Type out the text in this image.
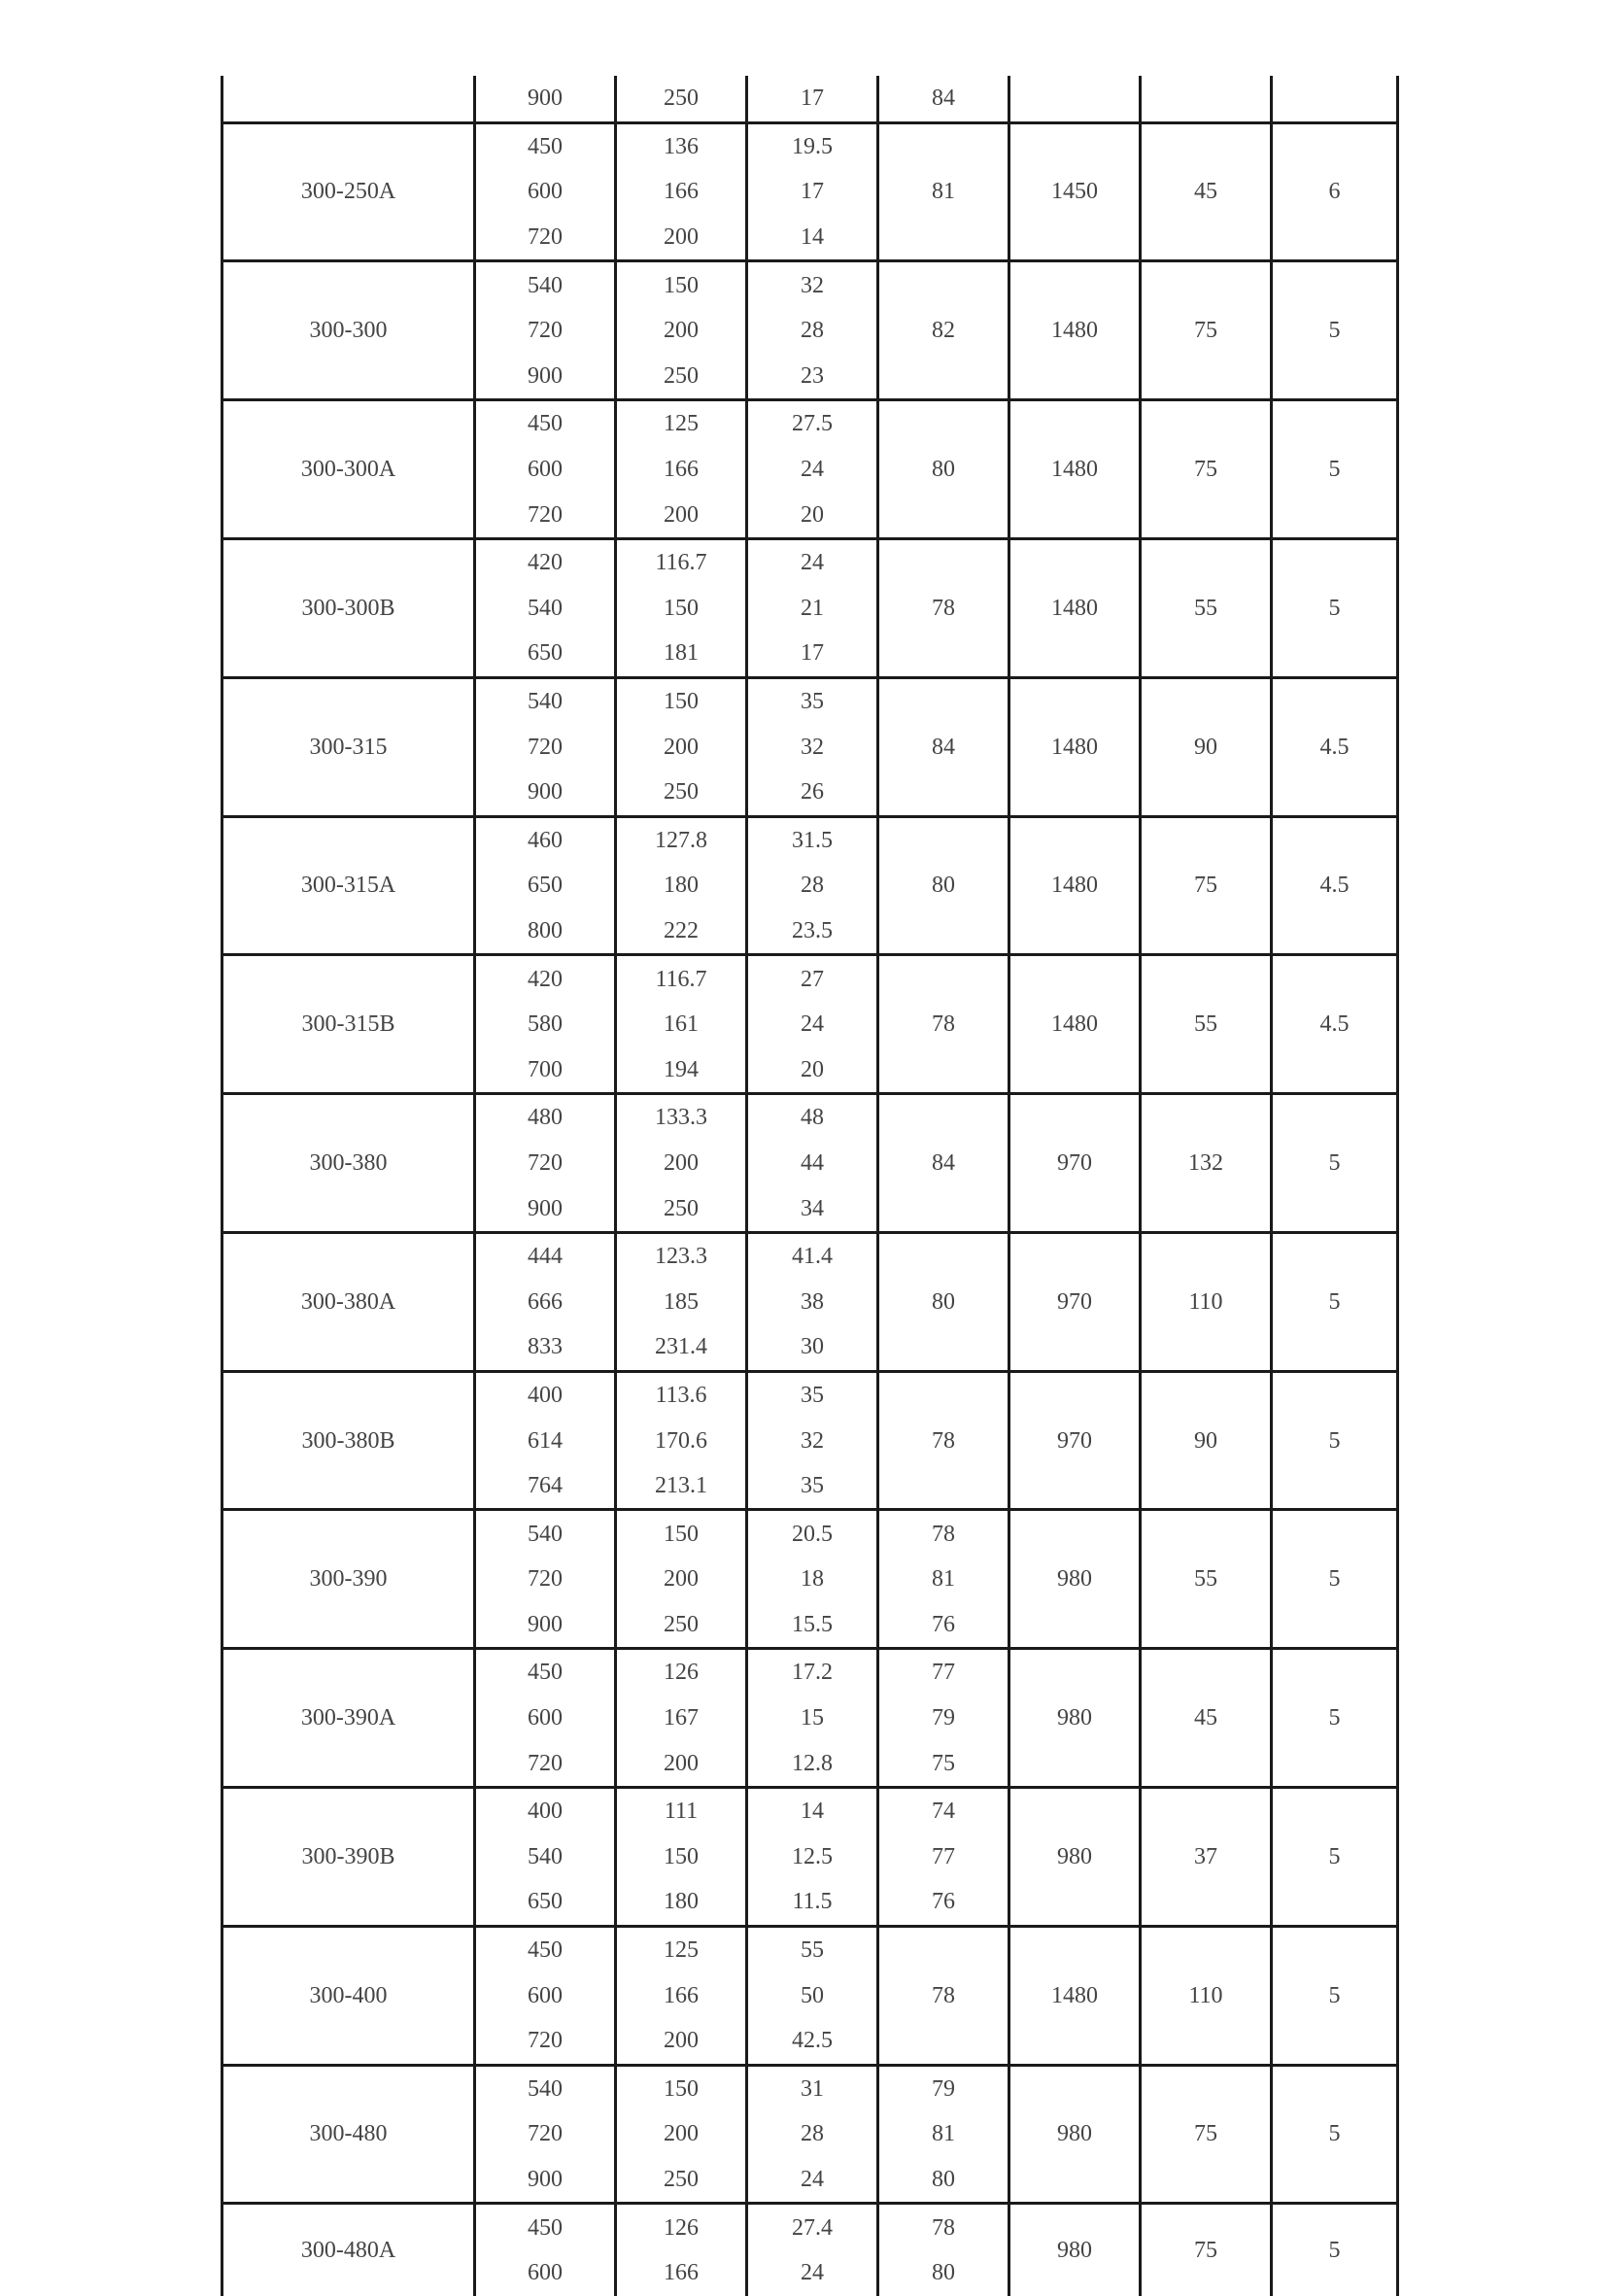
	900	250	17	84			
300-250A	450	136	19.5	81	1450	45	6
	600	166	17				
	720	200	14				
300-300	540	150	32	82	1480	75	5
	720	200	28				
	900	250	23				
300-300A	450	125	27.5	80	1480	75	5
	600	166	24				
	720	200	20				
300-300B	420	116.7	24	78	1480	55	5
	540	150	21				
	650	181	17				
300-315	540	150	35	84	1480	90	4.5
	720	200	32				
	900	250	26				
300-315A	460	127.8	31.5	80	1480	75	4.5
	650	180	28				
	800	222	23.5				
300-315B	420	116.7	27	78	1480	55	4.5
	580	161	24				
	700	194	20				
300-380	480	133.3	48	84	970	132	5
	720	200	44				
	900	250	34				
300-380A	444	123.3	41.4	80	970	110	5
	666	185	38				
	833	231.4	30				
300-380B	400	113.6	35	78	970	90	5
	614	170.6	32				
	764	213.1	35				
300-390	540	150	20.5	78	980	55	5
	720	200	18	81			
	900	250	15.5	76			
300-390A	450	126	17.2	77	980	45	5
	600	167	15	79			
	720	200	12.8	75			
300-390B	400	111	14	74	980	37	5
	540	150	12.5	77			
	650	180	11.5	76			
300-400	450	125	55	78	1480	110	5
	600	166	50				
	720	200	42.5				
300-480	540	150	31	79	980	75	5
	720	200	28	81			
	900	250	24	80			
300-480A	450	126	27.4	78	980	75	5
	600	166	24	80			
